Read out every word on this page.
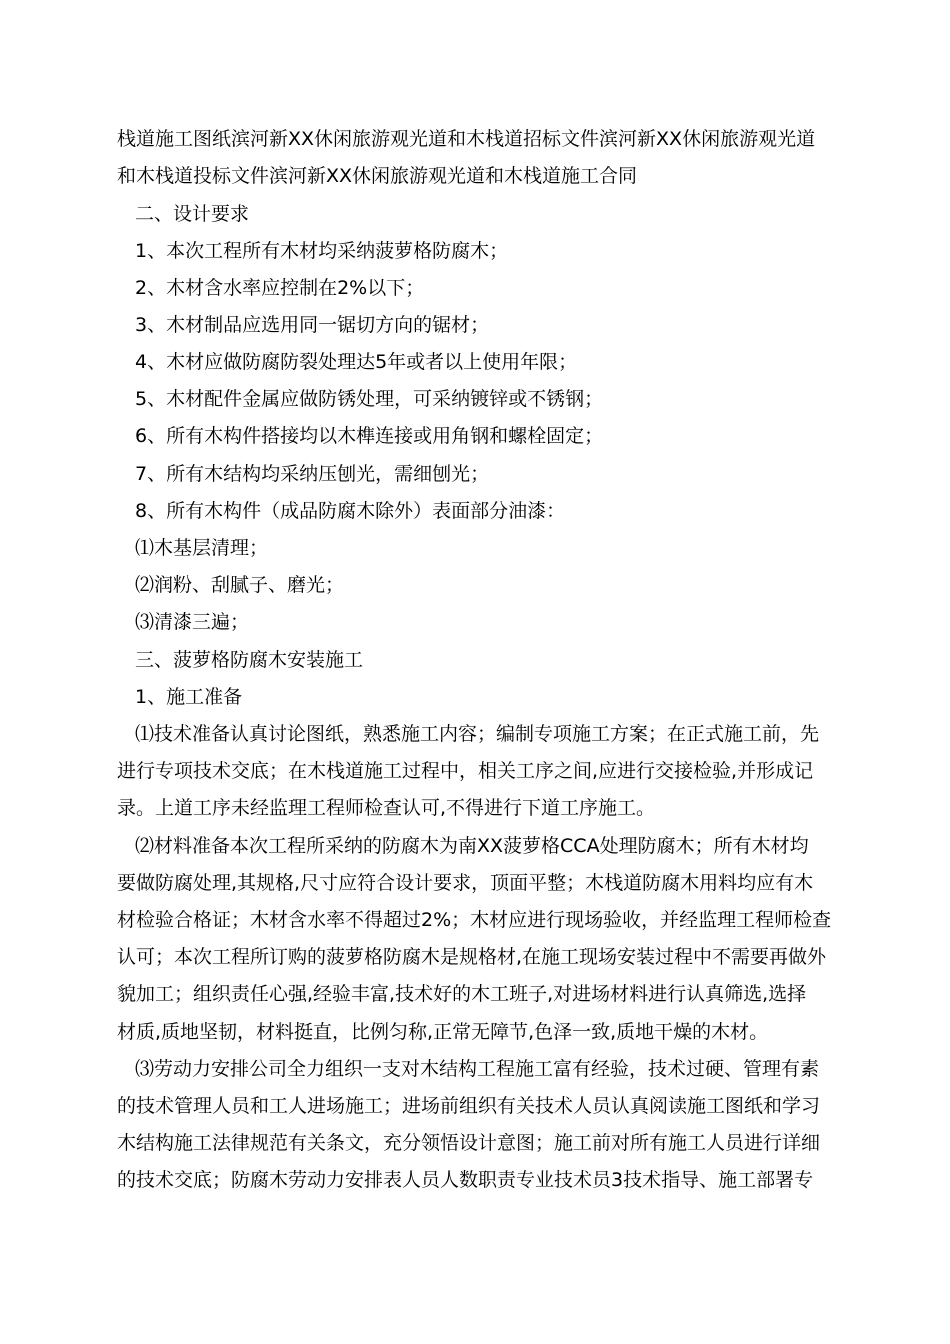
栈道施工图纸滨河新XX休闲旅游观光道和木栈道招标文件滨河新XX休闲旅游观光道
和木栈道投标文件滨河新XX休闲旅游观光道和木栈道施工合同
二、设计要求
1、本次工程所有木材均采纳菠萝格防腐木；
2、木材含水率应控制在2%以下；
3、木材制品应选用同一锯切方向的锯材；
4、木材应做防腐防裂处理达5年或者以上使用年限；
5、木材配件金属应做防锈处理，可采纳镀锌或不锈钢；
6、所有木构件搭接均以木榫连接或用角钢和螺栓固定；
7、所有木结构均采纳压刨光，需细刨光；
8、所有木构件（成品防腐木除外）表面部分油漆：
⑴木基层清理；
⑵润粉、刮腻子、磨光；
⑶清漆三遍；
三、菠萝格防腐木安装施工
1、施工准备
⑴技术准备认真讨论图纸，熟悉施工内容；编制专项施工方案；在正式施工前，先
进行专项技术交底；在木栈道施工过程中，相关工序之间,应进行交接检验,并形成记
录。上道工序未经监理工程师检查认可,不得进行下道工序施工。
⑵材料准备本次工程所采纳的防腐木为南XX菠萝格CCA处理防腐木；所有木材均
要做防腐处理,其规格,尺寸应符合设计要求，顶面平整；木栈道防腐木用料均应有木
材检验合格证；木材含水率不得超过2%；木材应进行现场验收，并经监理工程师检查
认可；本次工程所订购的菠萝格防腐木是规格材,在施工现场安装过程中不需要再做外
貌加工；组织责任心强,经验丰富,技术好的木工班子,对进场材料进行认真筛选,选择
材质,质地坚韧，材料挺直，比例匀称,正常无障节,色泽一致,质地干燥的木材。
⑶劳动力安排公司全力组织一支对木结构工程施工富有经验，技术过硬、管理有素
的技术管理人员和工人进场施工；进场前组织有关技术人员认真阅读施工图纸和学习
木结构施工法律规范有关条文，充分领悟设计意图；施工前对所有施工人员进行详细
的技术交底；防腐木劳动力安排表人员人数职责专业技术员3技术指导、施工部署专
